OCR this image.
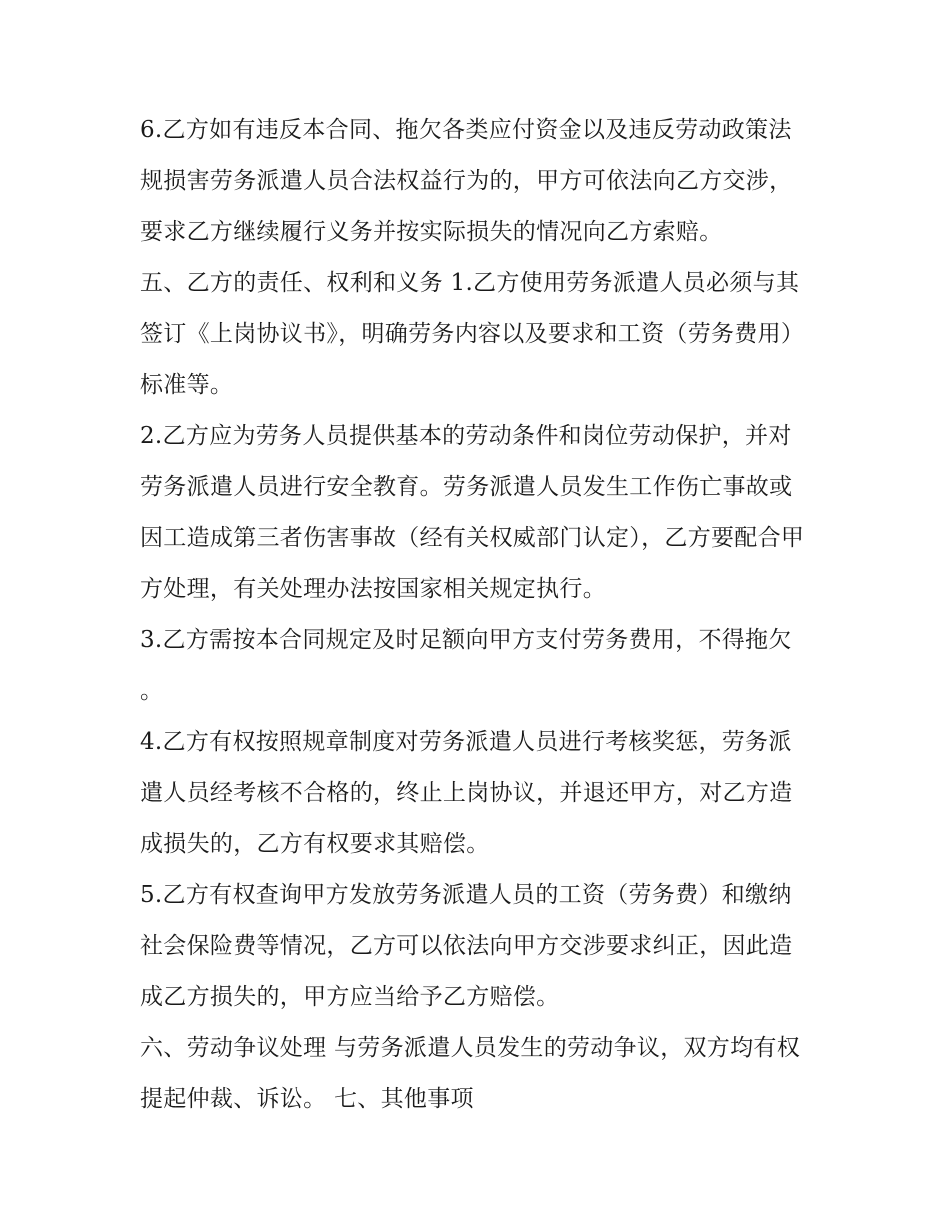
6.乙方如有违反本合同、拖欠各类应付资金以及违反劳动政策法规损害劳务派遣人员合法权益行为的，甲方可依法向乙方交涉，要求乙方继续履行义务并按实际损失的情况向乙方索赔。

五、乙方的责任、权利和义务 1.乙方使用劳务派遣人员必须与其签订《上岗协议书》，明确劳务内容以及要求和工资（劳务费用）标准等。

2.乙方应为劳务人员提供基本的劳动条件和岗位劳动保护，并对劳务派遣人员进行安全教育。劳务派遣人员发生工作伤亡事故或因工造成第三者伤害事故（经有关权威部门认定），乙方要配合甲方处理，有关处理办法按国家相关规定执行。

3.乙方需按本合同规定及时足额向甲方支付劳务费用，不得拖欠。

4.乙方有权按照规章制度对劳务派遣人员进行考核奖惩，劳务派遣人员经考核不合格的，终止上岗协议，并退还甲方，对乙方造成损失的，乙方有权要求其赔偿。

5.乙方有权查询甲方发放劳务派遣人员的工资（劳务费）和缴纳社会保险费等情况，乙方可以依法向甲方交涉要求纠正，因此造成乙方损失的，甲方应当给予乙方赔偿。

六、劳动争议处理 与劳务派遣人员发生的劳动争议，双方均有权提起仲裁、诉讼。 七、其他事项
